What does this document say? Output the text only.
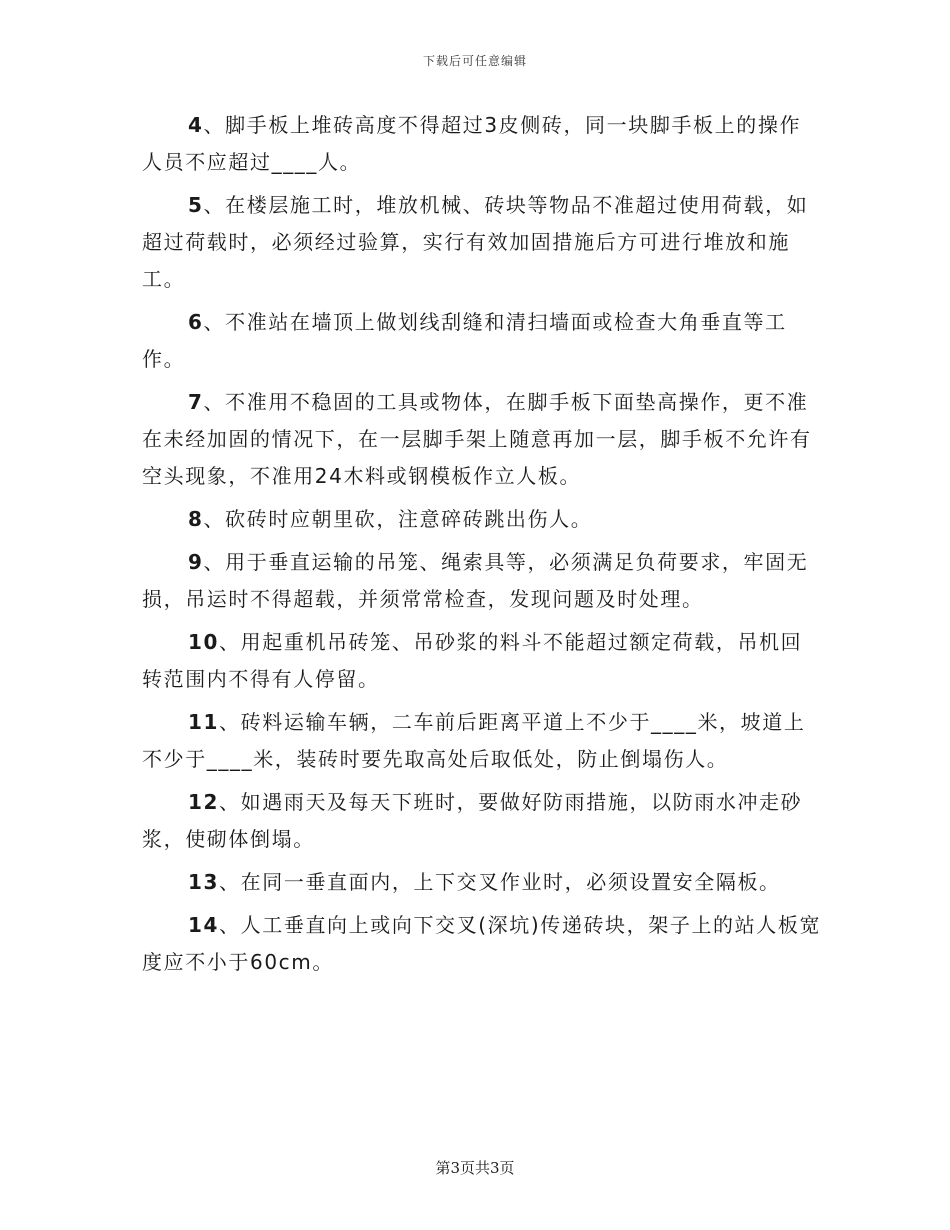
下载后可任意编辑

4、脚手板上堆砖高度不得超过3皮侧砖，同一块脚手板上的操作人员不应超过____人。

5、在楼层施工时，堆放机械、砖块等物品不准超过使用荷载，如超过荷载时，必须经过验算，实行有效加固措施后方可进行堆放和施工。

6、不准站在墙顶上做划线刮缝和清扫墙面或检查大角垂直等工作。

7、不准用不稳固的工具或物体，在脚手板下面垫高操作，更不准在未经加固的情况下，在一层脚手架上随意再加一层，脚手板不允许有空头现象，不准用24木料或钢模板作立人板。

8、砍砖时应朝里砍，注意碎砖跳出伤人。

9、用于垂直运输的吊笼、绳索具等，必须满足负荷要求，牢固无损，吊运时不得超载，并须常常检查，发现问题及时处理。

10、用起重机吊砖笼、吊砂浆的料斗不能超过额定荷载，吊机回转范围内不得有人停留。

11、砖料运输车辆，二车前后距离平道上不少于____米，坡道上不少于____米，装砖时要先取高处后取低处，防止倒塌伤人。

12、如遇雨天及每天下班时，要做好防雨措施，以防雨水冲走砂浆，使砌体倒塌。

13、在同一垂直面内，上下交叉作业时，必须设置安全隔板。

14、人工垂直向上或向下交叉(深坑)传递砖块，架子上的站人板宽度应不小于60cm。

第3页共3页
